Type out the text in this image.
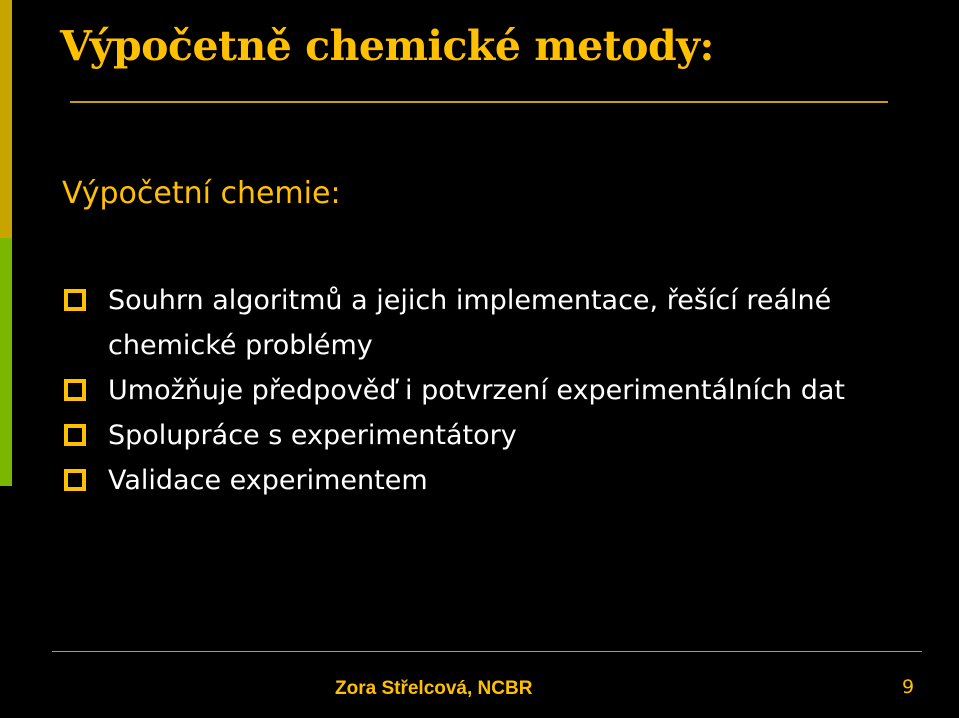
Výpočetně chemické metody:
Výpočetní chemie:
Souhrn algoritmů a jejich implementace, řešící reálné chemické problémy
Umožňuje předpověď i potvrzení experimentálních dat
Spolupráce s experimentátory
Validace experimentem
Zora Střelcová, NCBR	9
